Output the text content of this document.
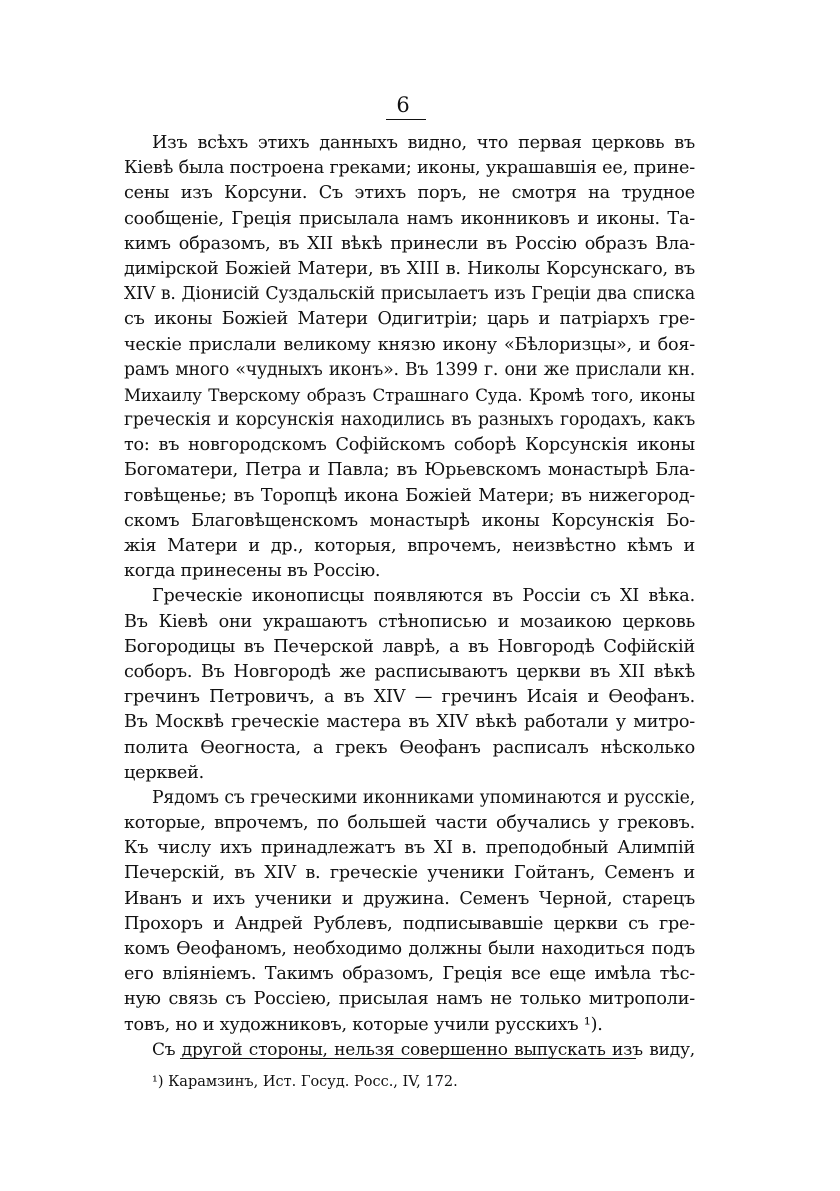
6
Изъ всѣхъ этихъ данныхъ видно, что первая церковь въ
Кіевѣ была построена греками; иконы, украшавшія ее, прине-
сены изъ Корсуни. Съ этихъ поръ, не смотря на трудное
сообщеніе, Греція присылала намъ иконниковъ и иконы. Та-
кимъ образомъ, въ XII вѣкѣ принесли въ Россію образъ Вла-
димірской Божіей Матери, въ XIII в. Николы Корсунскаго, въ
XIV в. Діонисій Суздальскій присылаетъ изъ Греціи два списка
съ иконы Божіей Матери Одигитріи; царь и патріархъ гре-
ческіе прислали великому князю икону «Бѣлоризцы», и боя-
рамъ много «чудныхъ иконъ». Въ 1399 г. они же прислали кн.
Михаилу Тверскому образъ Страшнаго Суда. Кромѣ того, иконы
греческія и корсунскія находились въ разныхъ городахъ, какъ
то: въ новгородскомъ Софійскомъ соборѣ Корсунскія иконы
Богоматери, Петра и Павла; въ Юрьевскомъ монастырѣ Бла-
говѣщенье; въ Торопцѣ икона Божіей Матери; въ нижегород-
скомъ Благовѣщенскомъ монастырѣ иконы Корсунскія Бо-
жія Матери и др., которыя, впрочемъ, неизвѣстно кѣмъ и
когда принесены въ Россію.
Греческіе иконописцы появляются въ Россіи съ XI вѣка.
Въ Кіевѣ они украшаютъ стѣнописью и мозаикою церковь
Богородицы въ Печерской лаврѣ, а въ Новгородѣ Софійскій
соборъ. Въ Новгородѣ же расписываютъ церкви въ XII вѣкѣ
гречинъ Петровичъ, а въ XIV — гречинъ Исаія и Ѳеофанъ.
Въ Москвѣ греческіе мастера въ XIV вѣкѣ работали у митро-
полита Ѳеогноста, а грекъ Ѳеофанъ расписалъ нѣсколько
церквей.
Рядомъ съ греческими иконниками упоминаются и русскіе,
которые, впрочемъ, по большей части обучались у грековъ.
Къ числу ихъ принадлежатъ въ XI в. преподобный Алимпій
Печерскій, въ XIV в. греческіе ученики Гойтанъ, Семенъ и
Иванъ и ихъ ученики и дружина. Семенъ Черной, старецъ
Прохоръ и Андрей Рублевъ, подписывавшіе церкви съ гре-
комъ Ѳеофаномъ, необходимо должны были находиться подъ
его вліяніемъ. Такимъ образомъ, Греція все еще имѣла тѣс-
ную связь съ Россіею, присылая намъ не только митрополи-
товъ, но и художниковъ, которые учили русскихъ ¹).
Съ другой стороны, нельзя совершенно выпускать изъ виду,
¹) Карамзинъ, Ист. Госуд. Росс., IV, 172.
